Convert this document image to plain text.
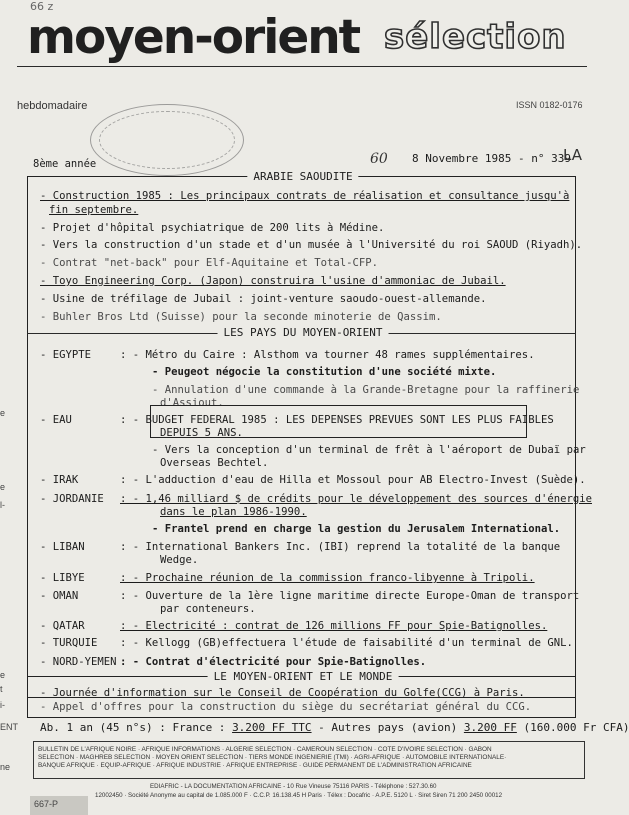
66 z
moyen-orient sélection
hebdomadaire	ISSN 0182-0176
8ème année	60 8 Novembre 1985 - n° 339
LA
ARABIE SAOUDITE
- Construction 1985 : Les principaux contrats de réalisation et consultance jusqu'à
fin septembre.
- Projet d'hôpital psychiatrique de 200 lits à Médine.
- Vers la construction d'un stade et d'un musée à l'Université du roi SAOUD (Riyadh).
- Contrat "net-back" pour Elf-Aquitaine et Total-CFP.
- Toyo Engineering Corp. (Japon) construira l'usine d'ammoniac de Jubail.
- Usine de tréfilage de Jubail : joint-venture saoudo-ouest-allemande.
- Buhler Bros Ltd (Suisse) pour la seconde minoterie de Qassim.
LES PAYS DU MOYEN-ORIENT
- EGYPTE
- EAU
- IRAK
- JORDANIE
- LIBAN
- LIBYE
- OMAN
- QATAR
- TURQUIE
- NORD-YEMEN
: - Métro du Caire : Alsthom va tourner 48 rames supplémentaires.
- Peugeot négocie la constitution d'une société mixte.
- Annulation d'une commande à la Grande-Bretagne pour la raffinerie
d'Assiout.
: - BUDGET FEDERAL 1985 : LES DEPENSES PREVUES SONT LES PLUS FAIBLES
DEPUIS 5 ANS.
- Vers la conception d'un terminal de frêt à l'aéroport de Dubaï par
Overseas Bechtel.
: - L'adduction d'eau de Hilla et Mossoul pour AB Electro-Invest (Suède).
: - 1,46 milliard $ de crédits pour le développement des sources d'énergie
dans le plan 1986-1990.
- Frantel prend en charge la gestion du Jerusalem International.
: - International Bankers Inc. (IBI) reprend la totalité de la banque
Wedge.
: - Prochaine réunion de la commission franco-libyenne à Tripoli.
: - Ouverture de la 1ère ligne maritime directe Europe-Oman de transport
par conteneurs.
: - Electricité : contrat de 126 millions FF pour Spie-Batignolles.
: - Kellogg (GB)effectuera l'étude de faisabilité d'un terminal de GNL.
: - Contrat d'électricité pour Spie-Batignolles.
LE MOYEN-ORIENT ET LE MONDE
- Journée d'information sur le Conseil de Coopération du Golfe(CCG) à Paris.
- Appel d'offres pour la construction du siège du secrétariat général du CCG.
Ab. 1 an (45 n°s) : France : 3.200 FF TTC - Autres pays (avion) 3.200 FF (160.000 Fr CFA)
BULLETIN DE L'AFRIQUE NOIRE · AFRIQUE INFORMATIONS · ALGERIE SELECTION · CAMEROUN SELECTION · COTE D'IVOIRE SELECTION · GABON
SELECTION · MAGHREB SELECTION · MOYEN ORIENT SELECTION · TIERS MONDE INGENIERIE (TMI) · AGRI-AFRIQUE · AUTOMOBILE INTERNATIONALE·
BANQUE AFRIQUE · EQUIP-AFRIQUE · AFRIQUE INDUSTRIE · AFRIQUE ENTREPRISE · GUIDE PERMANENT DE L'ADMINISTRATION AFRICAINE
EDIAFRIC - LA DOCUMENTATION AFRICAINE - 10 Rue Vineuse 75116 PARIS - Téléphone : 527.30.60
12002450 · Société Anonyme au capital de 1.085.000 F · C.C.P. 16.138.45 H Paris · Télex : Docafric · A.P.E. 5120 L · Siret Siren 71 200 2450 00012
667-P
e
e
l-
e
t
i-
ENT
ne
